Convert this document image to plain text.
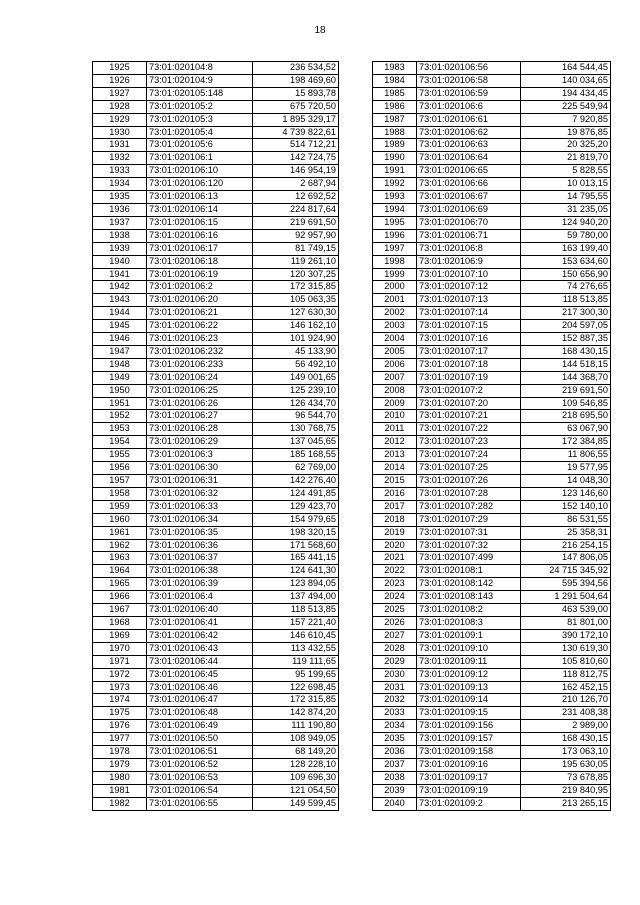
18
1925	73:01:020104:8	236 534,52
1926	73:01:020104:9	198 469,60
1927	73:01:020105:148	15 893,78
1928	73:01:020105:2	675 720,50
1929	73:01:020105:3	1 895 329,17
1930	73:01:020105:4	4 739 822,61
1931	73:01:020105:6	514 712,21
1932	73:01:020106:1	142 724,75
1933	73:01:020106:10	146 954,19
1934	73:01:020106:120	2 687,94
1935	73:01:020106:13	12 692,52
1936	73:01:020106:14	224 817,64
1937	73:01:020106:15	219 691,50
1938	73:01:020106:16	92 957,90
1939	73:01:020106:17	81 749,15
1940	73:01:020106:18	119 261,10
1941	73:01:020106:19	120 307,25
1942	73:01:020106:2	172 315,85
1943	73:01:020106:20	105 063,35
1944	73:01:020106:21	127 630,30
1945	73:01:020106:22	146 162,10
1946	73:01:020106:23	101 924,90
1947	73:01:020106:232	45 133,90
1948	73:01:020106:233	56 492,10
1949	73:01:020106:24	149 001,65
1950	73:01:020106:25	125 239,10
1951	73:01:020106:26	126 434,70
1952	73:01:020106:27	96 544,70
1953	73:01:020106:28	130 768,75
1954	73:01:020106:29	137 045,65
1955	73:01:020106:3	185 168,55
1956	73:01:020106:30	62 769,00
1957	73:01:020106:31	142 276,40
1958	73:01:020106:32	124 491,85
1959	73:01:020106:33	129 423,70
1960	73:01:020106:34	154 979,65
1961	73:01:020106:35	198 320,15
1962	73:01:020106:36	171 568,60
1963	73:01:020106:37	165 441,15
1964	73:01:020106:38	124 641,30
1965	73:01:020106:39	123 894,05
1966	73:01:020106:4	137 494,00
1967	73:01:020106:40	118 513,85
1968	73:01:020106:41	157 221,40
1969	73:01:020106:42	146 610,45
1970	73:01:020106:43	113 432,55
1971	73:01:020106:44	119 111,65
1972	73:01:020106:45	95 199,65
1973	73:01:020106:46	122 698,45
1974	73:01:020106:47	172 315,85
1975	73:01:020106:48	142 874,20
1976	73:01:020106:49	111 190,80
1977	73:01:020106:50	108 949,05
1978	73:01:020106:51	68 149,20
1979	73:01:020106:52	128 228,10
1980	73:01:020106:53	109 696,30
1981	73:01:020106:54	121 054,50
1982	73:01:020106:55	149 599,45
1983	73:01:020106:56	164 544,45
1984	73:01:020106:58	140 034,65
1985	73:01:020106:59	194 434,45
1986	73:01:020106:6	225 549,94
1987	73:01:020106:61	7 920,85
1988	73:01:020106:62	19 876,85
1989	73:01:020106:63	20 325,20
1990	73:01:020106:64	21 819,70
1991	73:01:020106:65	5 828,55
1992	73:01:020106:66	10 013,15
1993	73:01:020106:67	14 795,55
1994	73:01:020106:69	31 235,05
1995	73:01:020106:70	124 940,20
1996	73:01:020106:71	59 780,00
1997	73:01:020106:8	163 199,40
1998	73:01:020106:9	153 634,60
1999	73:01:020107:10	150 656,90
2000	73:01:020107:12	74 276,65
2001	73:01:020107:13	118 513,85
2002	73:01:020107:14	217 300,30
2003	73:01:020107:15	204 597,05
2004	73:01:020107:16	152 887,35
2005	73:01:020107:17	168 430,15
2006	73:01:020107:18	144 518,15
2007	73:01:020107:19	144 368,70
2008	73:01:020107:2	219 691,50
2009	73:01:020107:20	109 546,85
2010	73:01:020107:21	218 695,50
2011	73:01:020107:22	63 067,90
2012	73:01:020107:23	172 384,85
2013	73:01:020107:24	11 806,55
2014	73:01:020107:25	19 577,95
2015	73:01:020107:26	14 048,30
2016	73:01:020107:28	123 146,60
2017	73:01:020107:282	152 140,10
2018	73:01:020107:29	86 531,55
2019	73:01:020107:31	25 358,31
2020	73:01:020107:32	216 254,15
2021	73:01:020107:499	147 806,05
2022	73:01:020108:1	24 715 345,92
2023	73:01:020108:142	595 394,56
2024	73:01:020108:143	1 291 504,64
2025	73:01:020108:2	463 539,00
2026	73:01:020108:3	81 801,00
2027	73:01:020109:1	390 172,10
2028	73:01:020109:10	130 619,30
2029	73:01:020109:11	105 810,60
2030	73:01:020109:12	118 812,75
2031	73:01:020109:13	162 452,15
2032	73:01:020109:14	210 126,70
2033	73:01:020109:15	231 408,38
2034	73:01:020109:156	2 989,00
2035	73:01:020109:157	168 430,15
2036	73:01:020109:158	173 063,10
2037	73:01:020109:16	195 630,05
2038	73:01:020109:17	73 678,85
2039	73:01:020109:19	219 840,95
2040	73:01:020109:2	213 265,15
